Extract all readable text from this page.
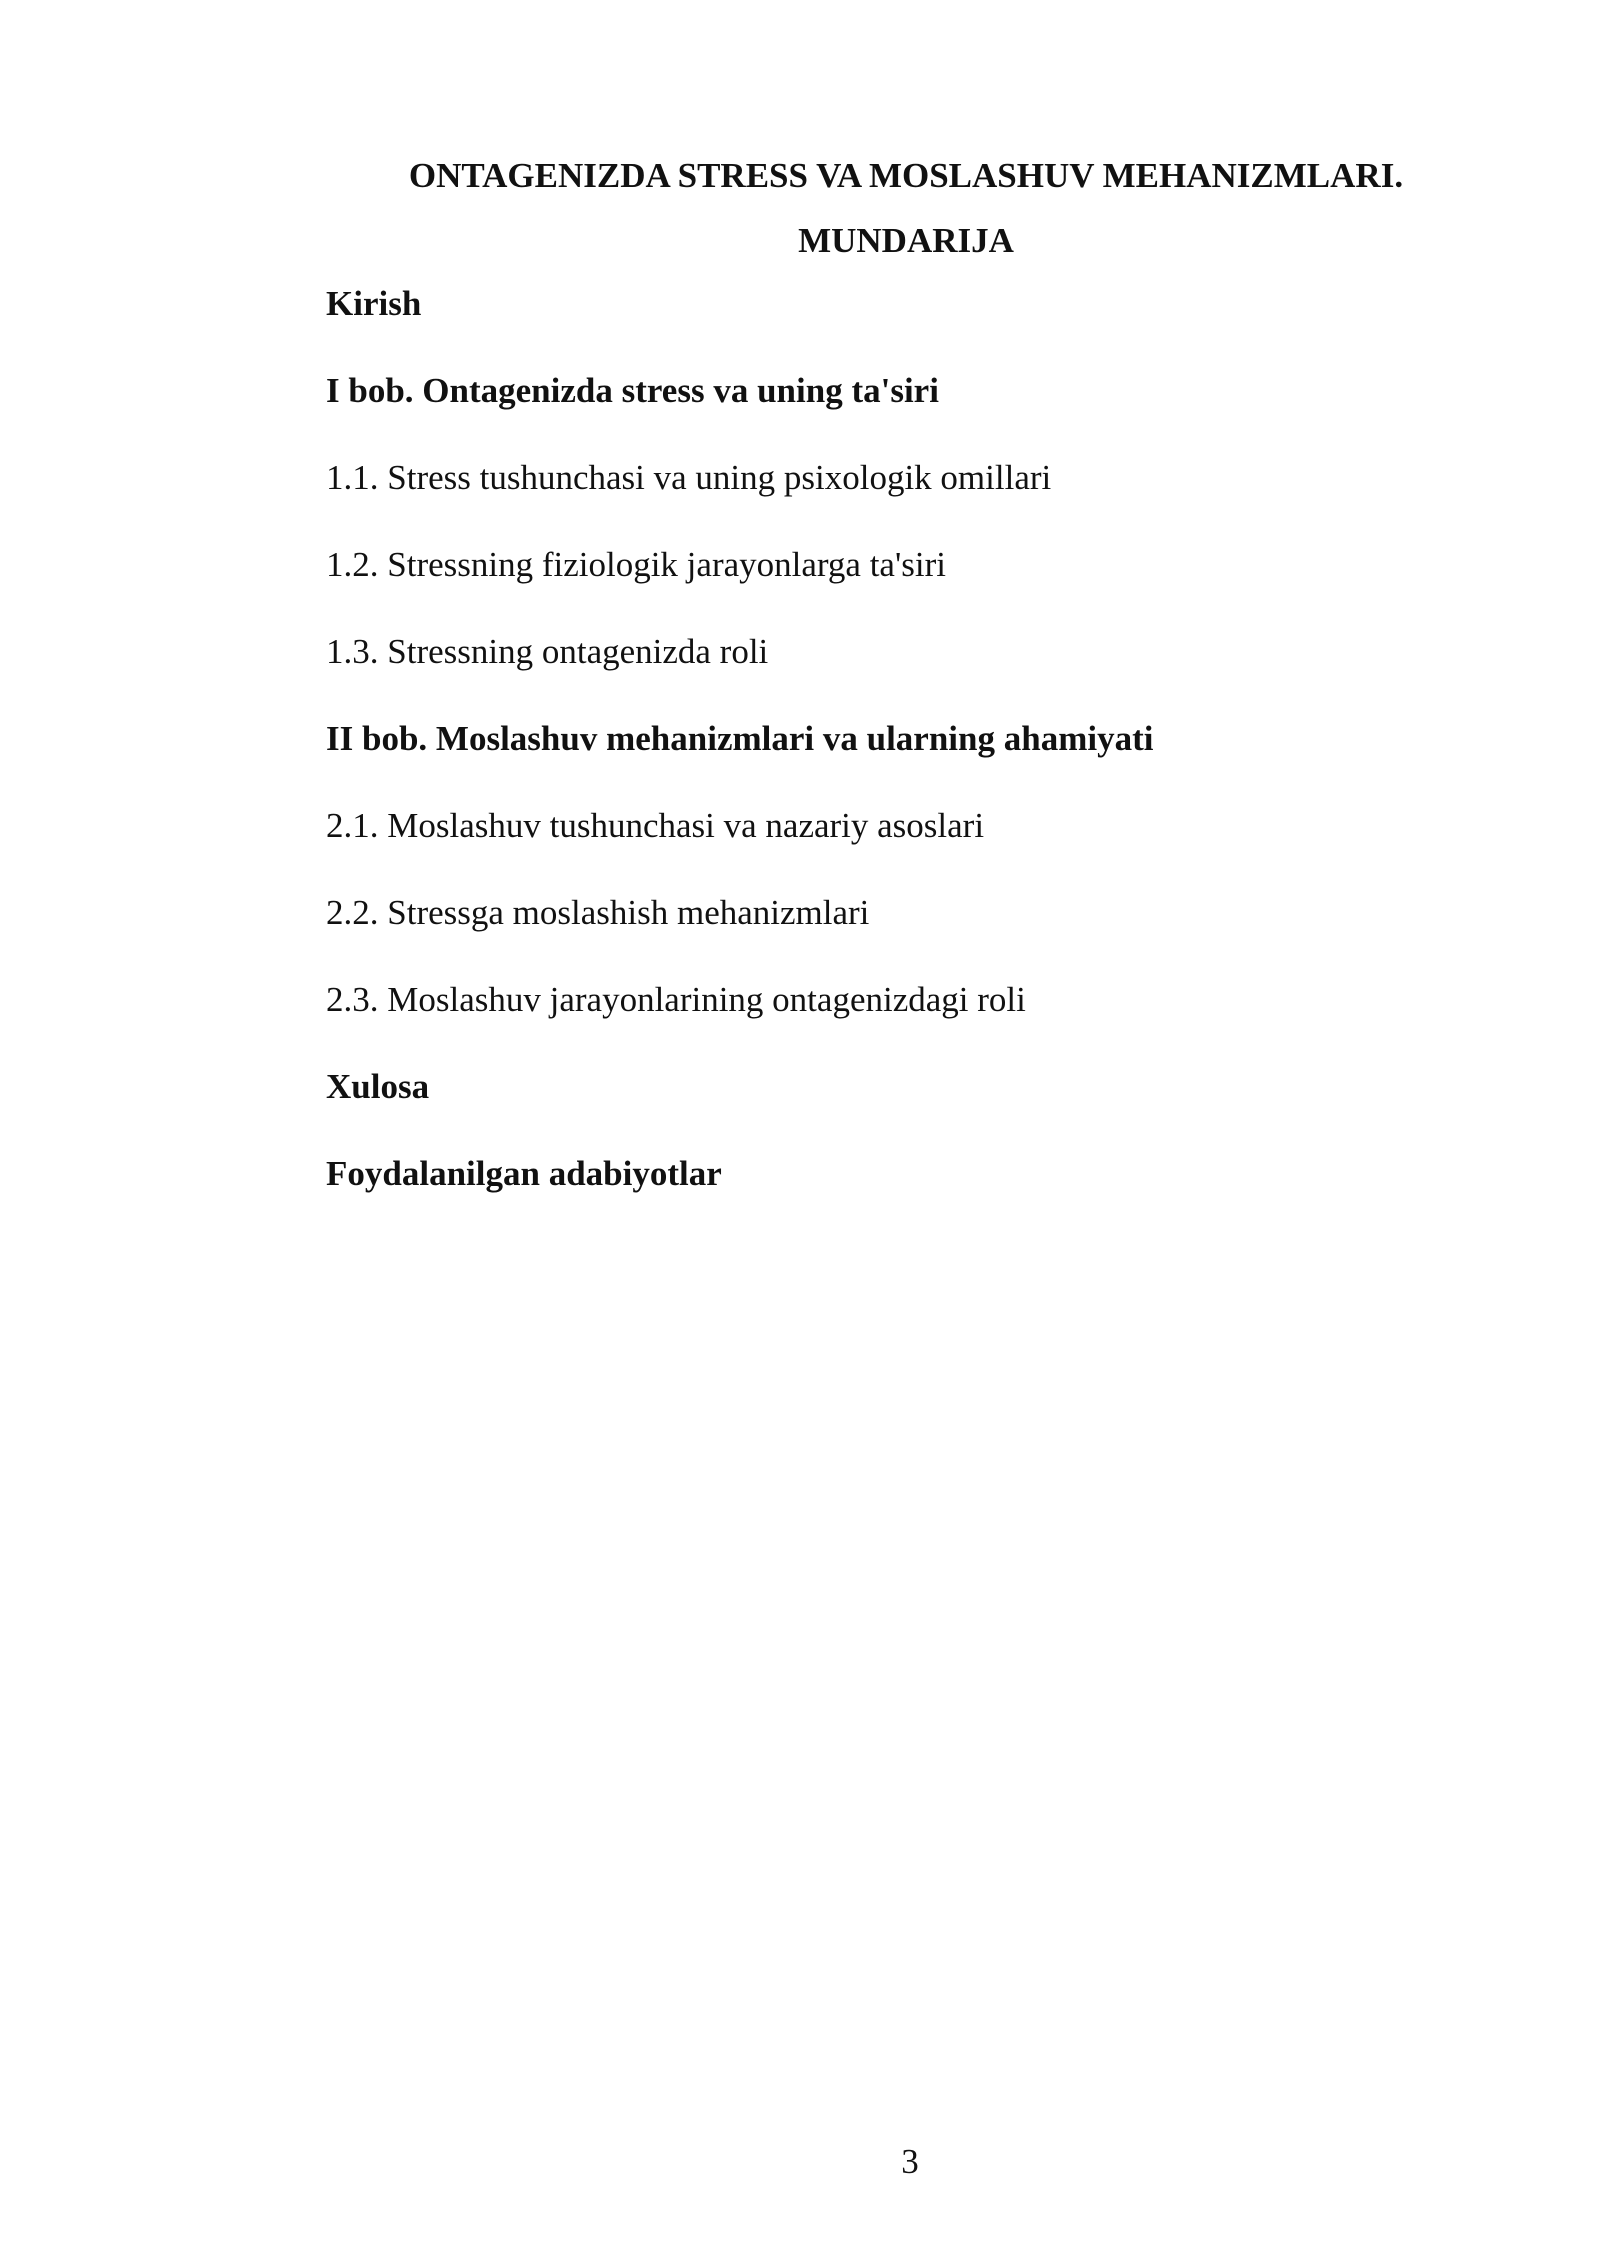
ONTAGENIZDA STRESS VA MOSLASHUV MEHANIZMLARI.
MUNDARIJA
Kirish
I bob. Ontagenizda stress va uning ta'siri
1.1. Stress tushunchasi va uning psixologik omillari
1.2. Stressning fiziologik jarayonlarga ta'siri
1.3. Stressning ontagenizda roli
II bob. Moslashuv mehanizmlari va ularning ahamiyati
2.1. Moslashuv tushunchasi va nazariy asoslari
2.2. Stressga moslashish mehanizmlari
2.3. Moslashuv jarayonlarining ontagenizdagi roli
Xulosa
Foydalanilgan adabiyotlar
3
